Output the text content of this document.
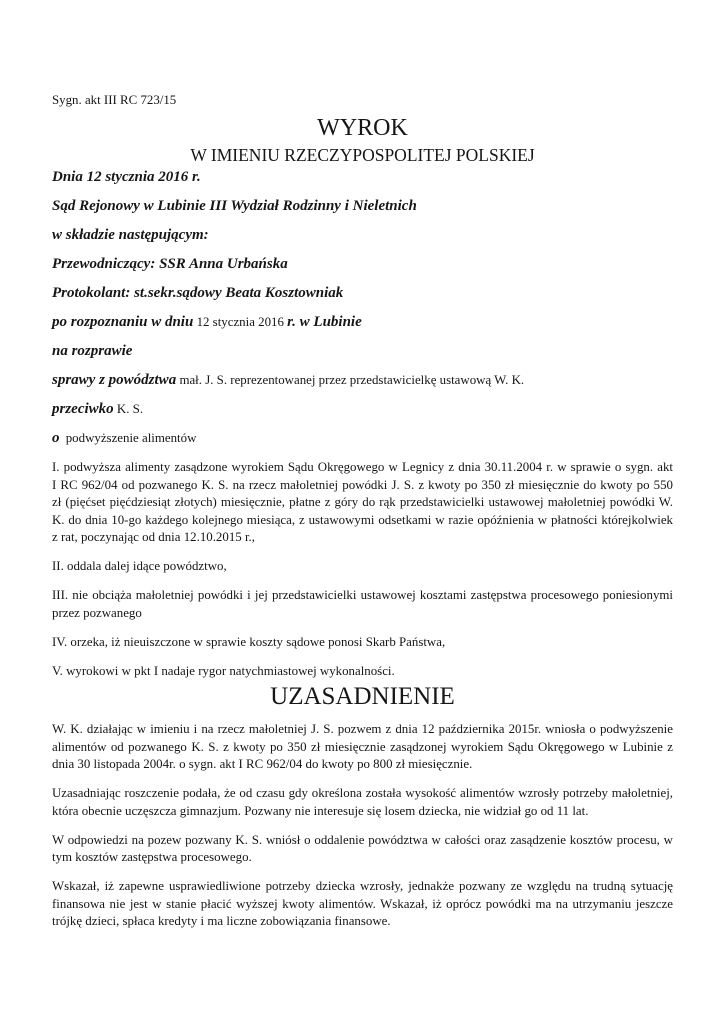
Sygn. akt III RC 723/15
WYROK
W IMIENIU RZECZYPOSPOLITEJ POLSKIEJ
Dnia 12 stycznia 2016 r.
Sąd Rejonowy w Lubinie III Wydział Rodzinny i Nieletnich
w składzie następującym:
Przewodniczący: SSR Anna Urbańska
Protokolant: st.sekr.sądowy Beata Kosztowniak
po rozpoznaniu w dniu 12 stycznia 2016 r. w Lubinie
na rozprawie
sprawy z powództwa mał. J. S. reprezentowanej przez przedstawicielkę ustawową W. K.
przeciwko K. S.
o podwyższenie alimentów
I. podwyższa alimenty zasądzone wyrokiem Sądu Okręgowego w Legnicy z dnia 30.11.2004 r. w sprawie o sygn. akt
I RC 962/04 od pozwanego K. S. na rzecz małoletniej powódki J. S. z kwoty po 350 zł miesięcznie do kwoty po 550
zł (pięćset pięćdziesiąt złotych) miesięcznie, płatne z góry do rąk przedstawicielki ustawowej małoletniej powódki W.
K. do dnia 10-go każdego kolejnego miesiąca, z ustawowymi odsetkami w razie opóźnienia w płatności którejkolwiek
z rat, poczynając od dnia 12.10.2015 r.,
II. oddala dalej idące powództwo,
III. nie obciąża małoletniej powódki i jej przedstawicielki ustawowej kosztami zastępstwa procesowego poniesionymi
przez pozwanego
IV. orzeka, iż nieuiszczone w sprawie koszty sądowe ponosi Skarb Państwa,
V. wyrokowi w pkt I nadaje rygor natychmiastowej wykonalności.
UZASADNIENIE
W. K. działając w imieniu i na rzecz małoletniej J. S. pozwem z dnia 12 października 2015r. wniosła o podwyższenie
alimentów od pozwanego K. S. z kwoty po 350 zł miesięcznie zasądzonej wyrokiem Sądu Okręgowego w Lubinie z
dnia 30 listopada 2004r. o sygn. akt I RC 962/04 do kwoty po 800 zł miesięcznie.
Uzasadniając roszczenie podała, że od czasu gdy określona została wysokość alimentów wzrosły potrzeby małoletniej,
która obecnie uczęszcza gimnazjum. Pozwany nie interesuje się losem dziecka, nie widział go od 11 lat.
W odpowiedzi na pozew pozwany K. S. wniósł o oddalenie powództwa w całości oraz zasądzenie kosztów procesu, w
tym kosztów zastępstwa procesowego.
Wskazał, iż zapewne usprawiedliwione potrzeby dziecka wzrosły, jednakże pozwany ze względu na trudną sytuację
finansowa nie jest w stanie płacić wyższej kwoty alimentów. Wskazał, iż oprócz powódki ma na utrzymaniu jeszcze
trójkę dzieci, spłaca kredyty i ma liczne zobowiązania finansowe.
